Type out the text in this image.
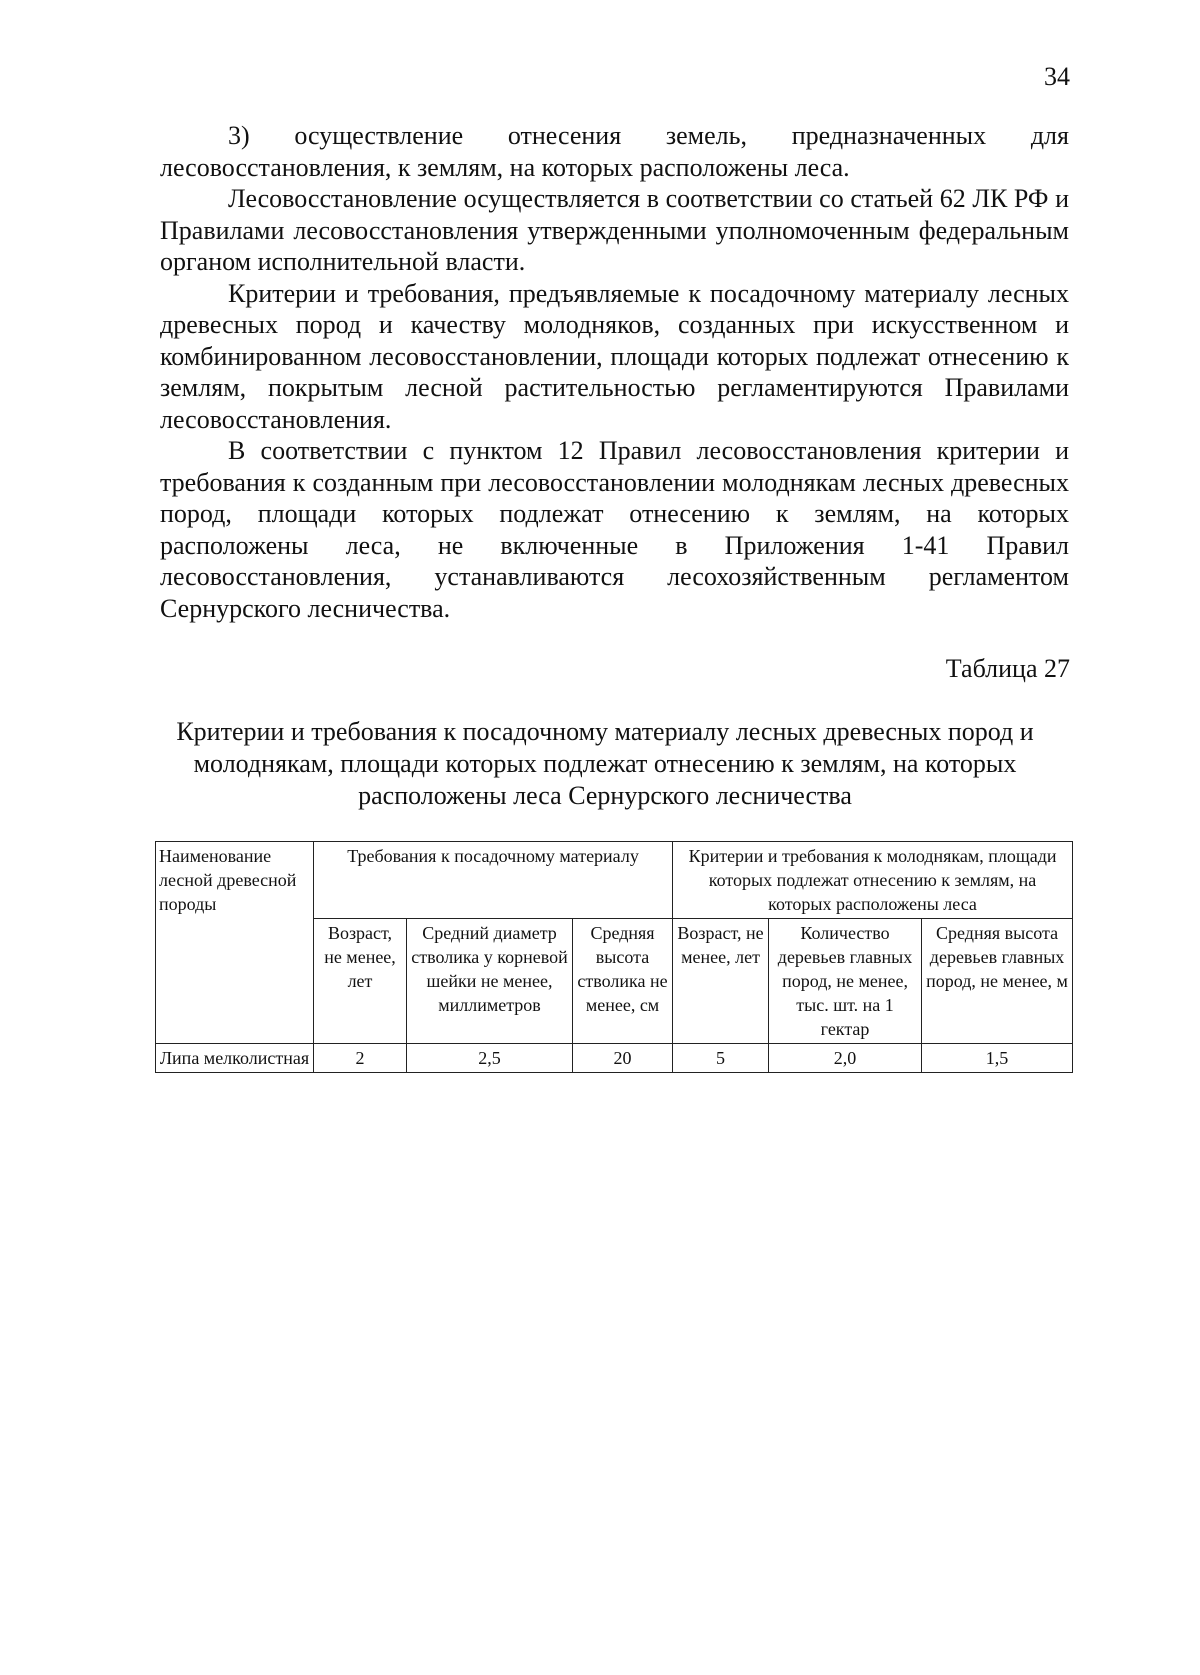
34

3) осуществление отнесения земель, предназначенных для лесовосстановления, к землям, на которых расположены леса.

Лесовосстановление осуществляется в соответствии со статьей 62 ЛК РФ и Правилами лесовосстановления утвержденными уполномоченным федеральным органом исполнительной власти.

Критерии и требования, предъявляемые к посадочному материалу лесных древесных пород и качеству молодняков, созданных при искусственном и комбинированном лесовосстановлении, площади которых подлежат отнесению к землям, покрытым лесной растительностью регламентируются Правилами лесовосстановления.

В соответствии с пунктом 12 Правил лесовосстановления критерии и требования к созданным при лесовосстановлении молоднякам лесных древесных пород, площади которых подлежат отнесению к землям, на которых расположены леса, не включенные в Приложения 1-41 Правил лесовосстановления, устанавливаются лесохозяйственным регламентом Сернурского лесничества.

Таблица 27
Критерии и требования к посадочному материалу лесных древесных пород и
молоднякам, площади которых подлежат отнесению к землям, на которых
расположены леса Сернурского лесничества
Наименование лесной древесной породы	Требования к посадочному материалу			Критерии и требования к молоднякам, площади которых подлежат отнесению к землям, на которых расположены леса		
	Возраст, не менее, лет	Средний диаметр стволика у корневой шейки не менее, миллиметров	Средняя высота стволика не менее, см	Возраст, не менее, лет	Количество деревьев главных пород, не менее, тыс. шт. на 1 гектар	Средняя высота деревьев главных пород, не менее, м
Липа мелколистная	2	2,5	20	5	2,0	1,5
